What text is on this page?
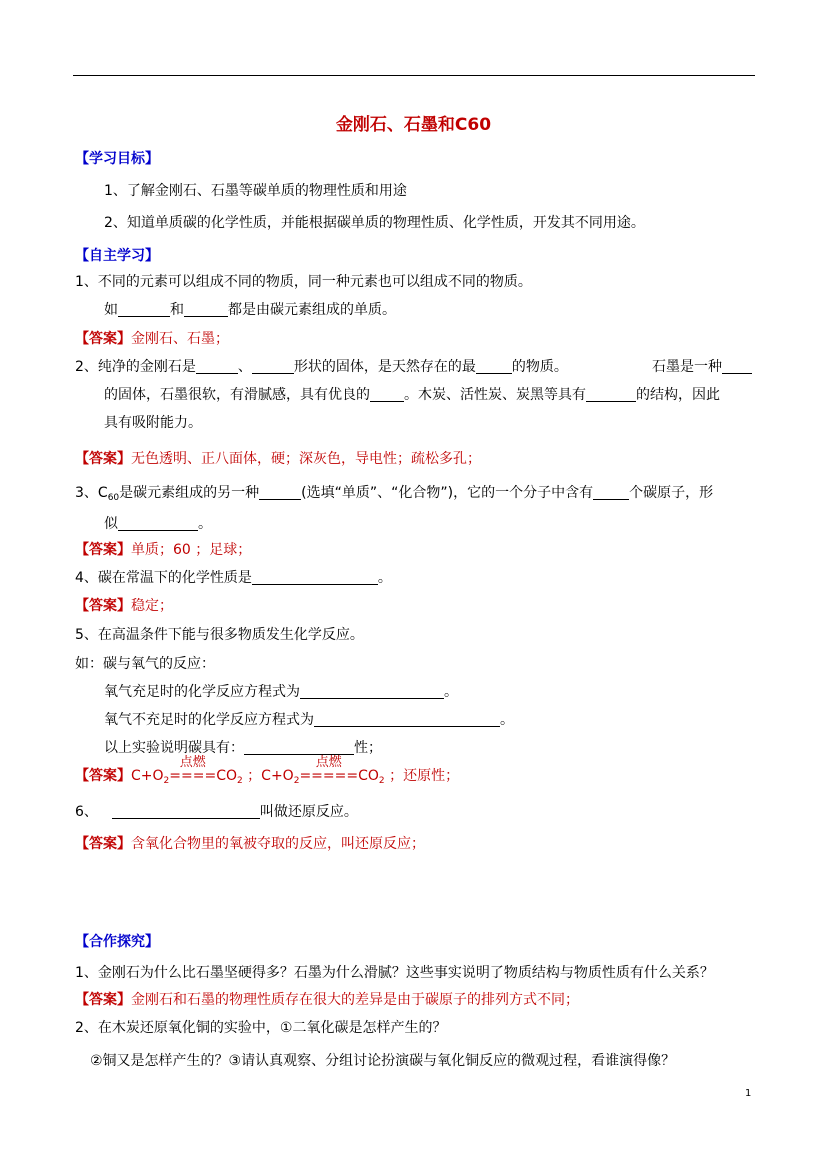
金刚石、石墨和C60
【学习目标】
1、了解金刚石、石墨等碳单质的物理性质和用途
2、知道单质碳的化学性质，并能根据碳单质的物理性质、化学性质，开发其不同用途。
【自主学习】
1、不同的元素可以组成不同的物质，同一种元素也可以组成不同的物质。
如	和	都是由碳元素组成的单质。
【答案】金刚石、石墨；
2、纯净的金刚石是	、	形状的固体，是天然存在的最	的物质。	石墨是一种
的固体，石墨很软，有滑腻感，具有优良的 。木炭、活性炭、炭黑等具有	的结构，因此
具有吸附能力。
【答案】无色透明、正八面体，硬；深灰色，导电性；疏松多孔；
3、$C_{60}$是碳元素组成的另一种	(选填“单质”、“化合物”)，它的一个分子中含有	个碳原子，形
似	。
【答案】单质；60 ；足球；
4、碳在常温下的化学性质是	。
【答案】稳定；
5、在高温条件下能与很多物质发生化学反应。
如：碳与氧气的反应：
氧气充足时的化学反应方程式为	。
氧气不充足时的化学反应方程式为	。
以上实验说明碳具有：	性；
【答案】$C+O_2$
点燃
$====CO_2$ ；$C+O_2$
点燃
$=====CO_2$ ；还原性；
6、	叫做还原反应。
【答案】含氧化合物里的氧被夺取的反应，叫还原反应；
【合作探究】
1、金刚石为什么比石墨坚硬得多？石墨为什么滑腻？这些事实说明了物质结构与物质性质有什么关系？
【答案】金刚石和石墨的物理性质存在很大的差异是由于碳原子的排列方式不同；
2、在木炭还原氧化铜的实验中，①二氧化碳是怎样产生的？
②铜又是怎样产生的？③请认真观察、分组讨论扮演碳与氧化铜反应的微观过程，看谁演得像？
1
